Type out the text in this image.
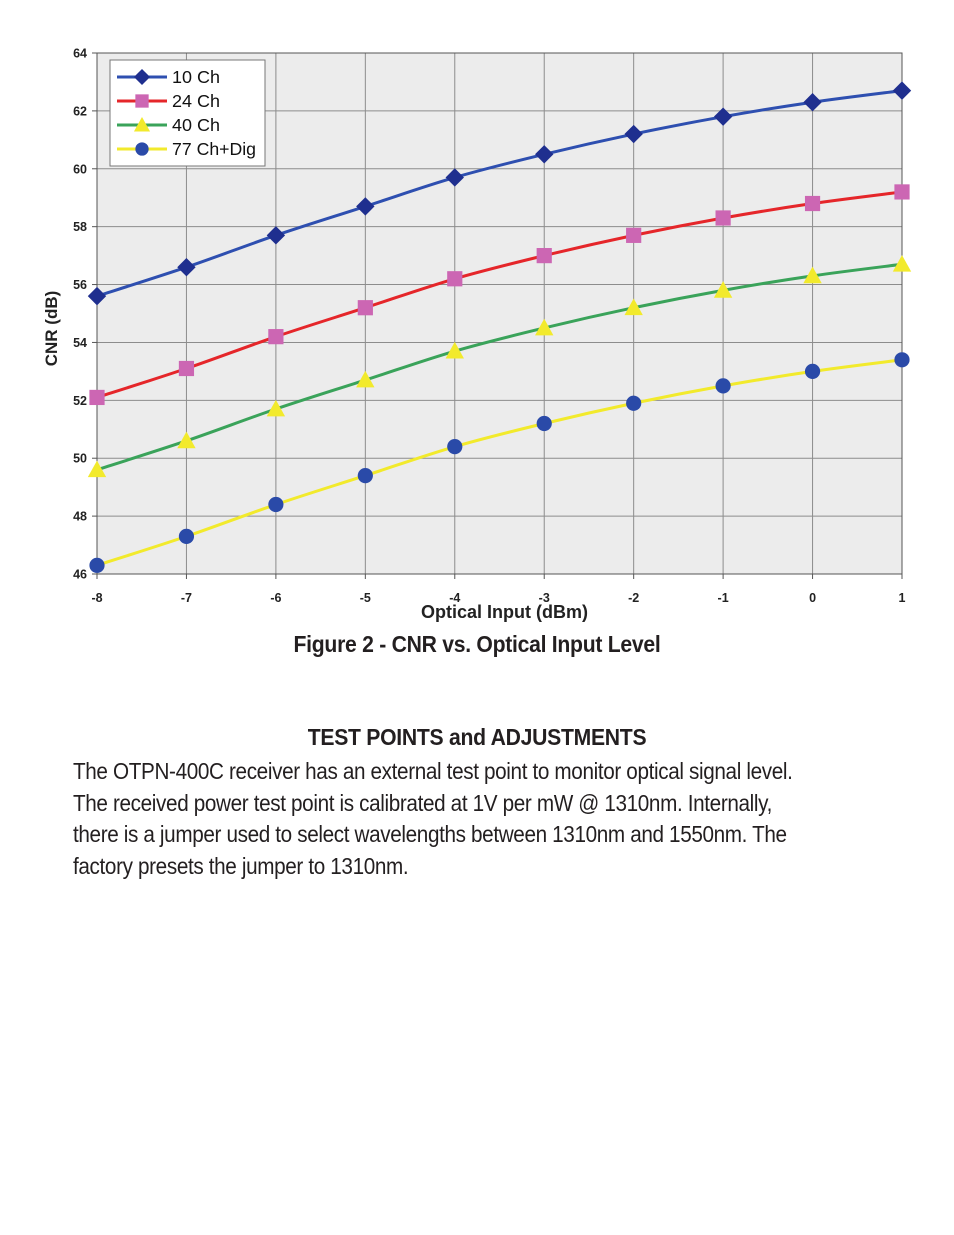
46
48
50
52
54
56
58
60
62
64
-8	-7	-6	-5	-4	-3	-2	-1	0	1
Optical Input (dBm)
CNR (dB)
10 Ch
24 Ch
40 Ch
77 Ch+Dig
Figure 2 - CNR vs. Optical Input Level
TEST POINTS and ADJUSTMENTS
The OTPN-400C receiver has an external test point to monitor optical signal level.
The received power test point is calibrated at 1V per mW @ 1310nm. Internally,
there is a jumper used to select wavelengths between 1310nm and 1550nm. The
factory presets the jumper to 1310nm.
